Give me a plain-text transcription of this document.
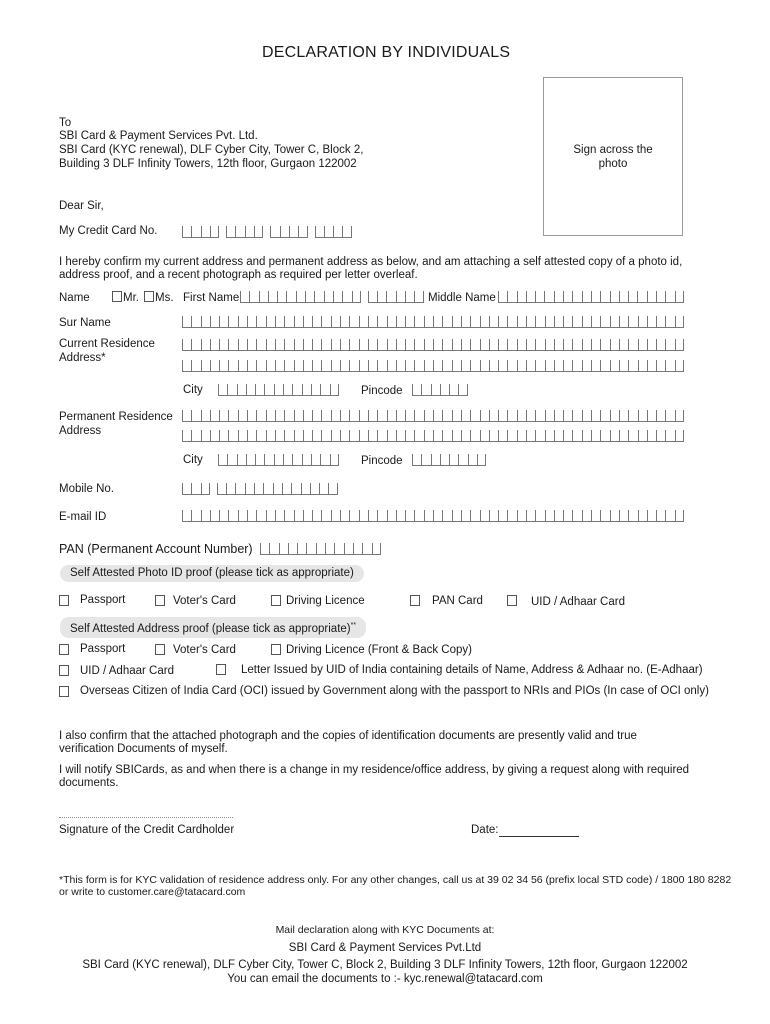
DECLARATION BY INDIVIDUALS
To
SBI Card & Payment Services Pvt. Ltd.
SBI Card (KYC renewal), DLF Cyber City, Tower C, Block 2,
Building 3 DLF Infinity Towers, 12th floor, Gurgaon 122002
Sign across the
photo
Dear Sir,
My Credit Card No.
I hereby confirm my current address and permanent address as below, and am attaching a self attested copy of a photo id,
address proof, and a recent photograph as required per letter overleaf.
Name	Mr. Ms. First Name	Middle Name
Sur Name
Current Residence
Address*
City	Pincode
Permanent Residence
Address
City	Pincode
Mobile No.
E-mail ID
PAN (Permanent Account Number)
Self Attested Photo ID proof (please tick as appropriate)
Passport	Voter's Card	Driving Licence	PAN Card	UID / Adhaar Card
Self Attested Address proof (please tick as appropriate)**
Passport	Voter's Card	Driving Licence (Front & Back Copy)
UID / Adhaar Card	Letter Issued by UID of India containing details of Name, Address & Adhaar no. (E-Adhaar)
Overseas Citizen of India Card (OCI) issued by Government along with the passport to NRIs and PIOs (In case of OCI only)
I also confirm that the attached photograph and the copies of identification documents are presently valid and true
verification Documents of myself.
I will notify SBICards, as and when there is a change in my residence/office address, by giving a request along with required
documents.
Signature of the Credit Cardholder	Date:
*This form is for KYC validation of residence address only. For any other changes, call us at 39 02 34 56 (prefix local STD code) / 1800 180 8282
or write to customer.care@tatacard.com
Mail declaration along with KYC Documents at:
SBI Card & Payment Services Pvt.Ltd
SBI Card (KYC renewal), DLF Cyber City, Tower C, Block 2, Building 3 DLF Infinity Towers, 12th floor, Gurgaon 122002
You can email the documents to :- kyc.renewal@tatacard.com
